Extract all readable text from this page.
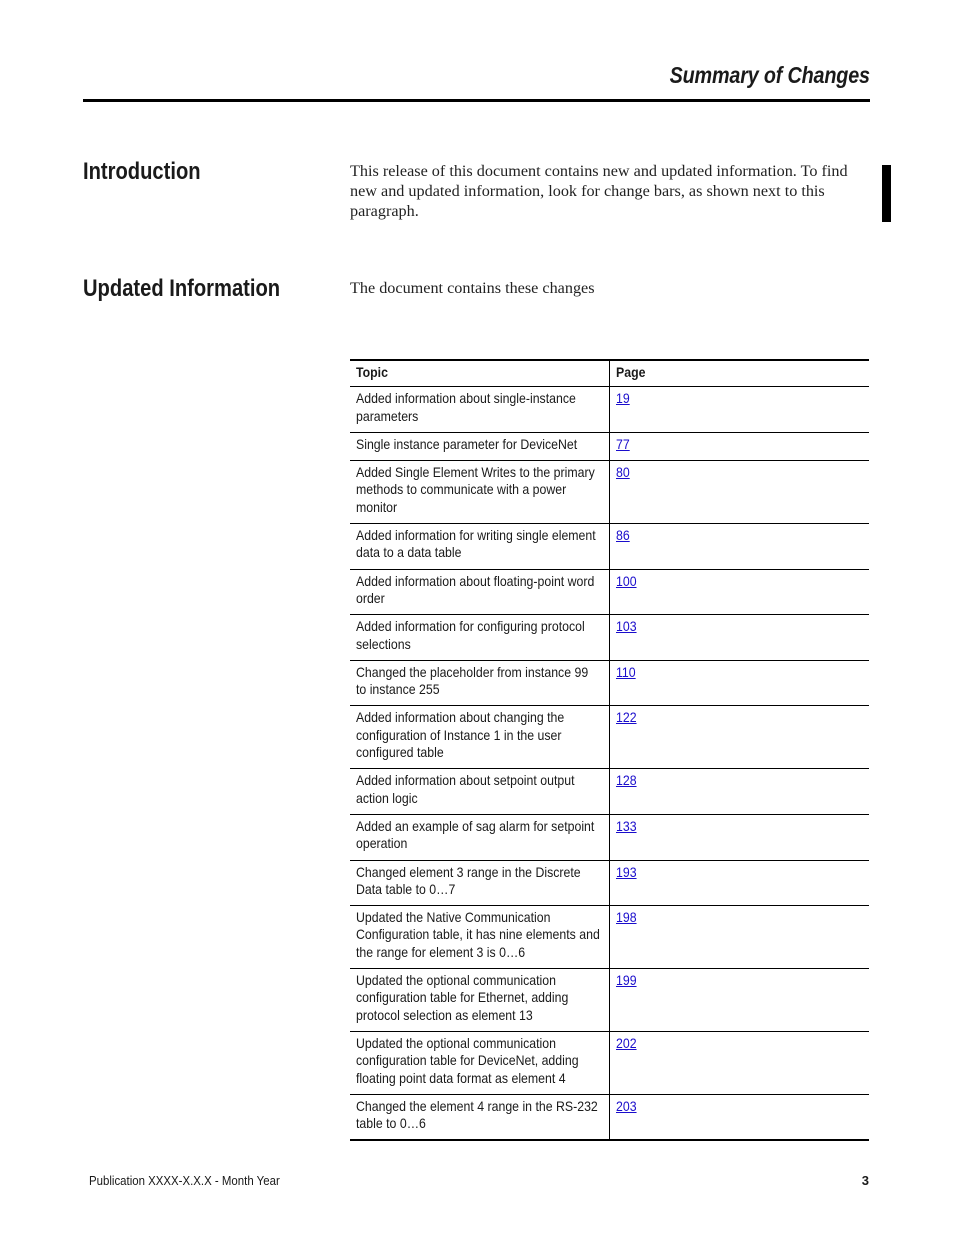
Summary of Changes
Introduction	This release of this document contains new and updated information. To find new and updated information, look for change bars, as shown next to this paragraph.

Updated Information	The document contains these changes

Topic	Page
Added information about single-instance parameters	19
Single instance parameter for DeviceNet	77
Added Single Element Writes to the primary methods to communicate with a power monitor	80
Added information for writing single element data to a data table	86
Added information about floating-point word order	100
Added information for configuring protocol selections	103
Changed the placeholder from instance 99 to instance 255	110
Added information about changing the configuration of Instance 1 in the user configured table	122
Added information about setpoint output action logic	128
Added an example of sag alarm for setpoint operation	133
Changed element 3 range in the Discrete Data table to 0…7	193
Updated the Native Communication Configuration table, it has nine elements and the range for element 3 is 0…6	198
Updated the optional communication configuration table for Ethernet, adding protocol selection as element 13	199
Updated the optional communication configuration table for DeviceNet, adding floating point data format as element 4	202
Changed the element 4 range in the RS-232 table to 0…6	203

Publication XXXX-X.X.X - Month Year	3
